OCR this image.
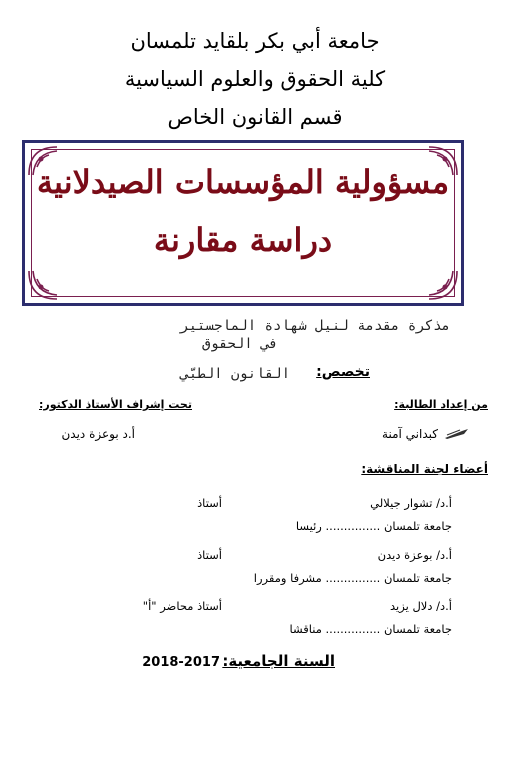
جامعة أبي بكر بلقايد تلمسان
كلية الحقوق والعلوم السياسية
قسم القانون الخاص
مسؤولية المؤسسات الصيدلانية
دراسة مقارنة
مذكرة مقدمة لنيل شهادة الماجستير
في الحقوق
تخصص:
القانون الطبّي
من إعداد الطالبة:
تحت إشراف الأستاذ الدكتور:
كبداني آمنة
أ.د بوعزة ديدن
أعضاء لجنة المناقشة:
أ.د/ تشوار جيلالي
أستاذ
جامعة تلمسان ............... رئيسا
أ.د/ بوعزة ديدن
أستاذ
جامعة تلمسان ............... مشرفا ومقررا
أ.د/ دلال يزيد
أستاذ محاضر "أ"
جامعة تلمسان ............... مناقشا
السنة الجامعية:
2018-2017
